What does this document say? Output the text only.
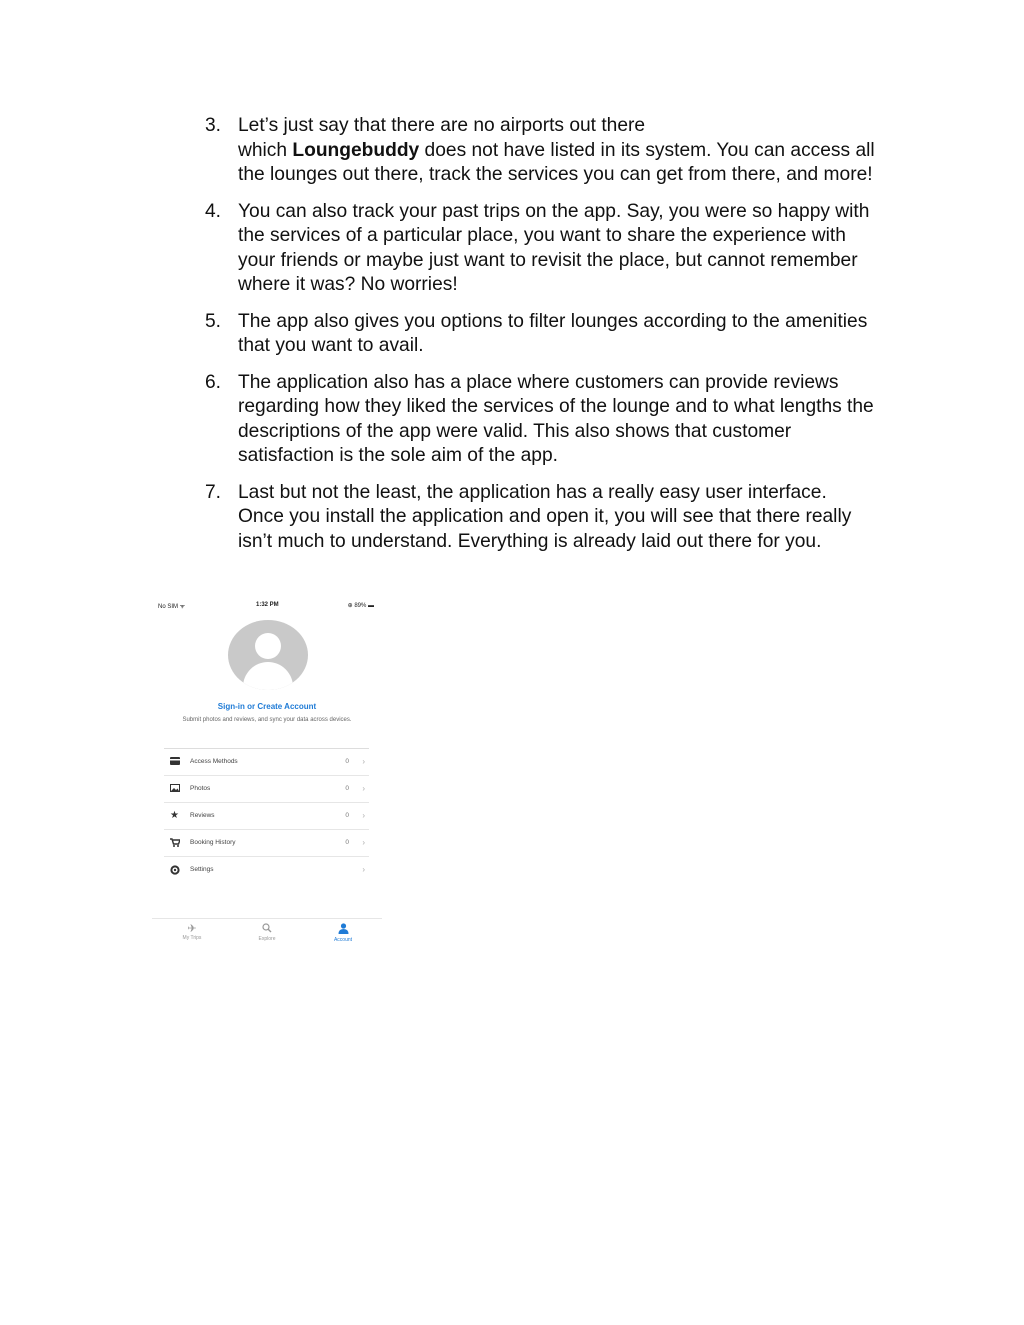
3. Let’s just say that there are no airports out there
which Loungebuddy does not have listed in its system. You can access all the lounges out there, track the services you can get from there, and more!
4. You can also track your past trips on the app. Say, you were so happy with the services of a particular place, you want to share the experience with your friends or maybe just want to revisit the place, but cannot remember where it was? No worries!
5. The app also gives you options to filter lounges according to the amenities that you want to avail.
6. The application also has a place where customers can provide reviews regarding how they liked the services of the lounge and to what lengths the descriptions of the app were valid. This also shows that customer satisfaction is the sole aim of the app.
7. Last but not the least, the application has a really easy user interface. Once you install the application and open it, you will see that there really isn’t much to understand. Everything is already laid out there for you.
No SIM ᯤ	1:32 PM	⊕ 89% ▬
Sign-in or Create Account
Submit photos and reviews, and sync your data across devices.
Access Methods	0 ›
Photos	0 ›
★ Reviews	0 ›
Booking History	0 ›
Settings	›
✈
My Trips	Explore	Account
